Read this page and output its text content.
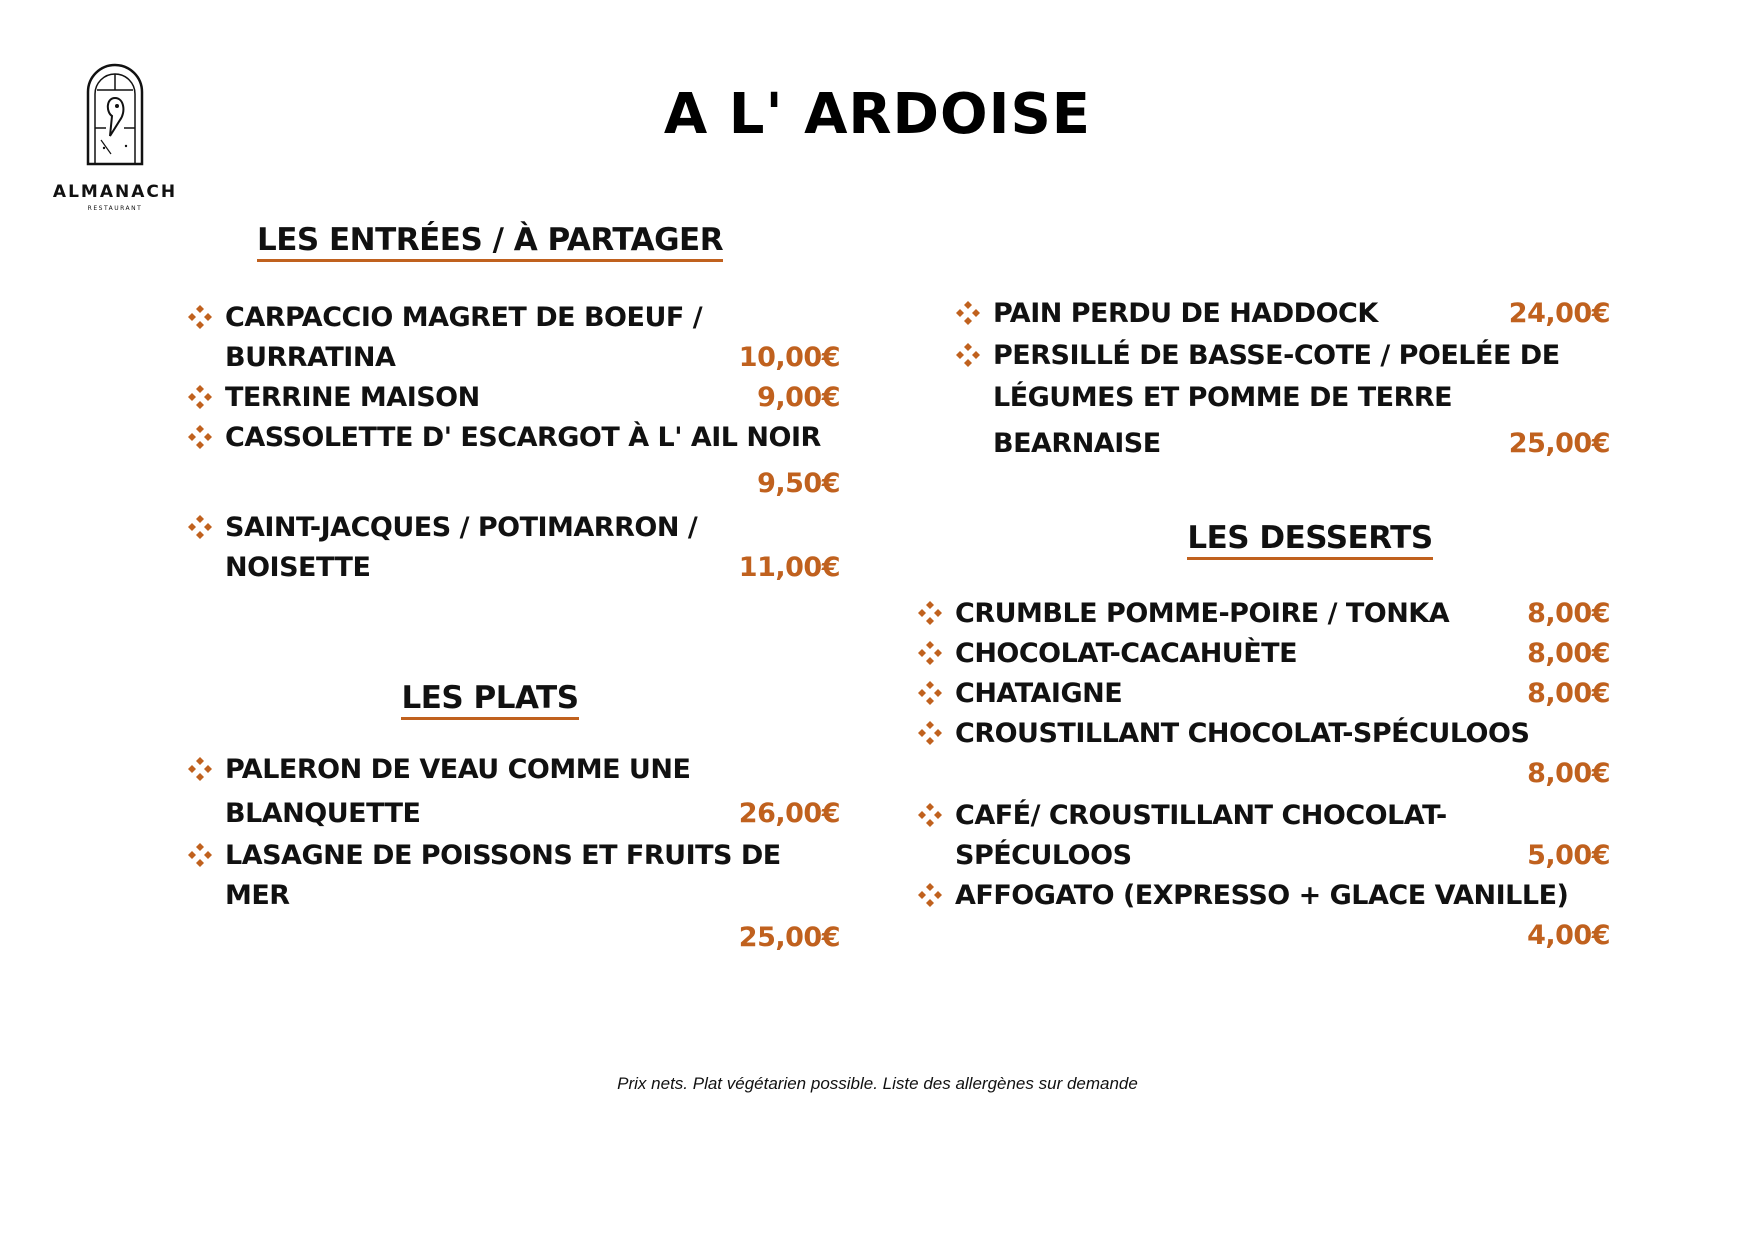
ALMANACH
RESTAURANT
A L' ARDOISE
LES ENTRÉES / À PARTAGER
CARPACCIO MAGRET DE BOEUF /
BURRATINA	10,00€
TERRINE MAISON	9,00€
CASSOLETTE D' ESCARGOT À L' AIL NOIR
9,50€
SAINT-JACQUES / POTIMARRON /
NOISETTE	11,00€
LES PLATS
PALERON DE VEAU COMME UNE
BLANQUETTE	26,00€
LASAGNE DE POISSONS ET FRUITS DE MER
25,00€
PAIN PERDU DE HADDOCK	24,00€
PERSILLÉ DE BASSE-COTE / POELÉE DE
LÉGUMES ET POMME DE TERRE
BEARNAISE	25,00€
LES DESSERTS
CRUMBLE POMME-POIRE / TONKA	8,00€
CHOCOLAT-CACAHUÈTE	8,00€
CHATAIGNE	8,00€
CROUSTILLANT CHOCOLAT-SPÉCULOOS
8,00€
CAFÉ/ CROUSTILLANT CHOCOLAT-
SPÉCULOOS	5,00€
AFFOGATO (EXPRESSO + GLACE VANILLE)
4,00€
Prix nets. Plat végétarien possible. Liste des allergènes sur demande
